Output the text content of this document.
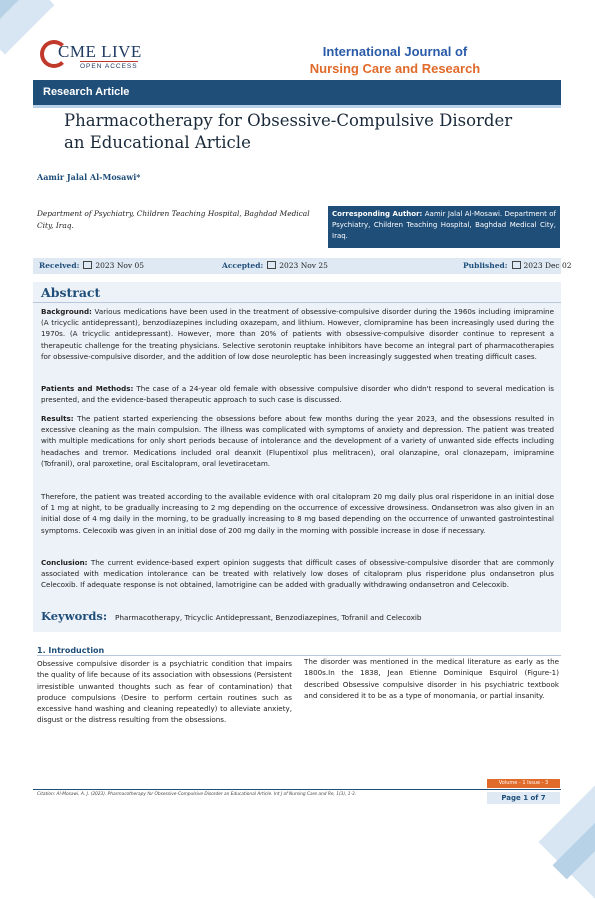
CME LIVE
OPEN ACCESS
International Journal of
Nursing Care and Research
Research Article
Pharmacotherapy for Obsessive-Compulsive Disorder an Educational Article
Aamir Jalal Al-Mosawi*
Department of Psychiatry, Children Teaching Hospital, Baghdad Medical City, Iraq.
Corresponding Author: Aamir Jalal Al-Mosawi. Department of Psychiatry, Children Teaching Hospital, Baghdad Medical City, Iraq.
Received: 2023 Nov 05	Accepted: 2023 Nov 25	Published: 2023 Dec 02
Abstract
Background: Various medications have been used in the treatment of obsessive-compulsive disorder during the 1960s including imipramine (A tricyclic antidepressant), benzodiazepines including oxazepam, and lithium. However, clomipramine has been increasingly used during the 1970s. (A tricyclic antidepressant). However, more than 20% of patients with obsessive-compulsive disorder continue to represent a therapeutic challenge for the treating physicians. Selective serotonin reuptake inhibitors have become an integral part of pharmacotherapies for obsessive-compulsive disorder, and the addition of low dose neuroleptic has been increasingly suggested when treating difficult cases.
Patients and Methods: The case of a 24-year old female with obsessive compulsive disorder who didn't respond to several medication is presented, and the evidence-based therapeutic approach to such case is discussed.
Results: The patient started experiencing the obsessions before about few months during the year 2023, and the obsessions resulted in excessive cleaning as the main compulsion. The illness was complicated with symptoms of anxiety and depression. The patient was treated with multiple medications for only short periods because of intolerance and the development of a variety of unwanted side effects including headaches and tremor. Medications included oral deanxit (Flupentixol plus melitracen), oral olanzapine, oral clonazepam, imipramine (Tofranil), oral paroxetine, oral Escitalopram, oral levetiracetam.
Therefore, the patient was treated according to the available evidence with oral citalopram 20 mg daily plus oral risperidone in an initial dose of 1 mg at night, to be gradually increasing to 2 mg depending on the occurrence of excessive drowsiness. Ondansetron was also given in an initial dose of 4 mg daily in the morning, to be gradually increasing to 8 mg based depending on the occurrence of unwanted gastrointestinal symptoms. Celecoxib was given in an initial dose of 200 mg daily in the morning with possible increase in dose if necessary.
Conclusion: The current evidence-based expert opinion suggests that difficult cases of obsessive-compulsive disorder that are commonly associated with medication intolerance can be treated with relatively low doses of citalopram plus risperidone plus ondansetron plus Celecoxib. If adequate response is not obtained, lamotrigine can be added with gradually withdrawing ondansetron and Celecoxib.
Keywords: Pharmacotherapy, Tricyclic Antidepressant, Benzodiazepines, Tofranil and Celecoxib
1. Introduction
Obsessive compulsive disorder is a psychiatric condition that impairs the quality of life because of its association with obsessions (Persistent irresistible unwanted thoughts such as fear of contamination) that produce compulsions (Desire to perform certain routines such as excessive hand washing and cleaning repeatedly) to alleviate anxiety, disgust or the distress resulting from the obsessions.
The disorder was mentioned in the medical literature as early as the 1800s.In the 1838, Jean Etienne Dominique Esquirol (Figure-1) described Obsessive compulsive disorder in his psychiatric textbook and considered it to be as a type of monomania, or partial insanity.
Volume - 1 Issue - 3
Citation: Al-Mosawi, A. J. (2023). Pharmacotherapy for Obsessive-Compulsive Disorder an Educational Article. Int J of Nursing Care and Re, 1(3), 1-3.	Page 1 of 7
